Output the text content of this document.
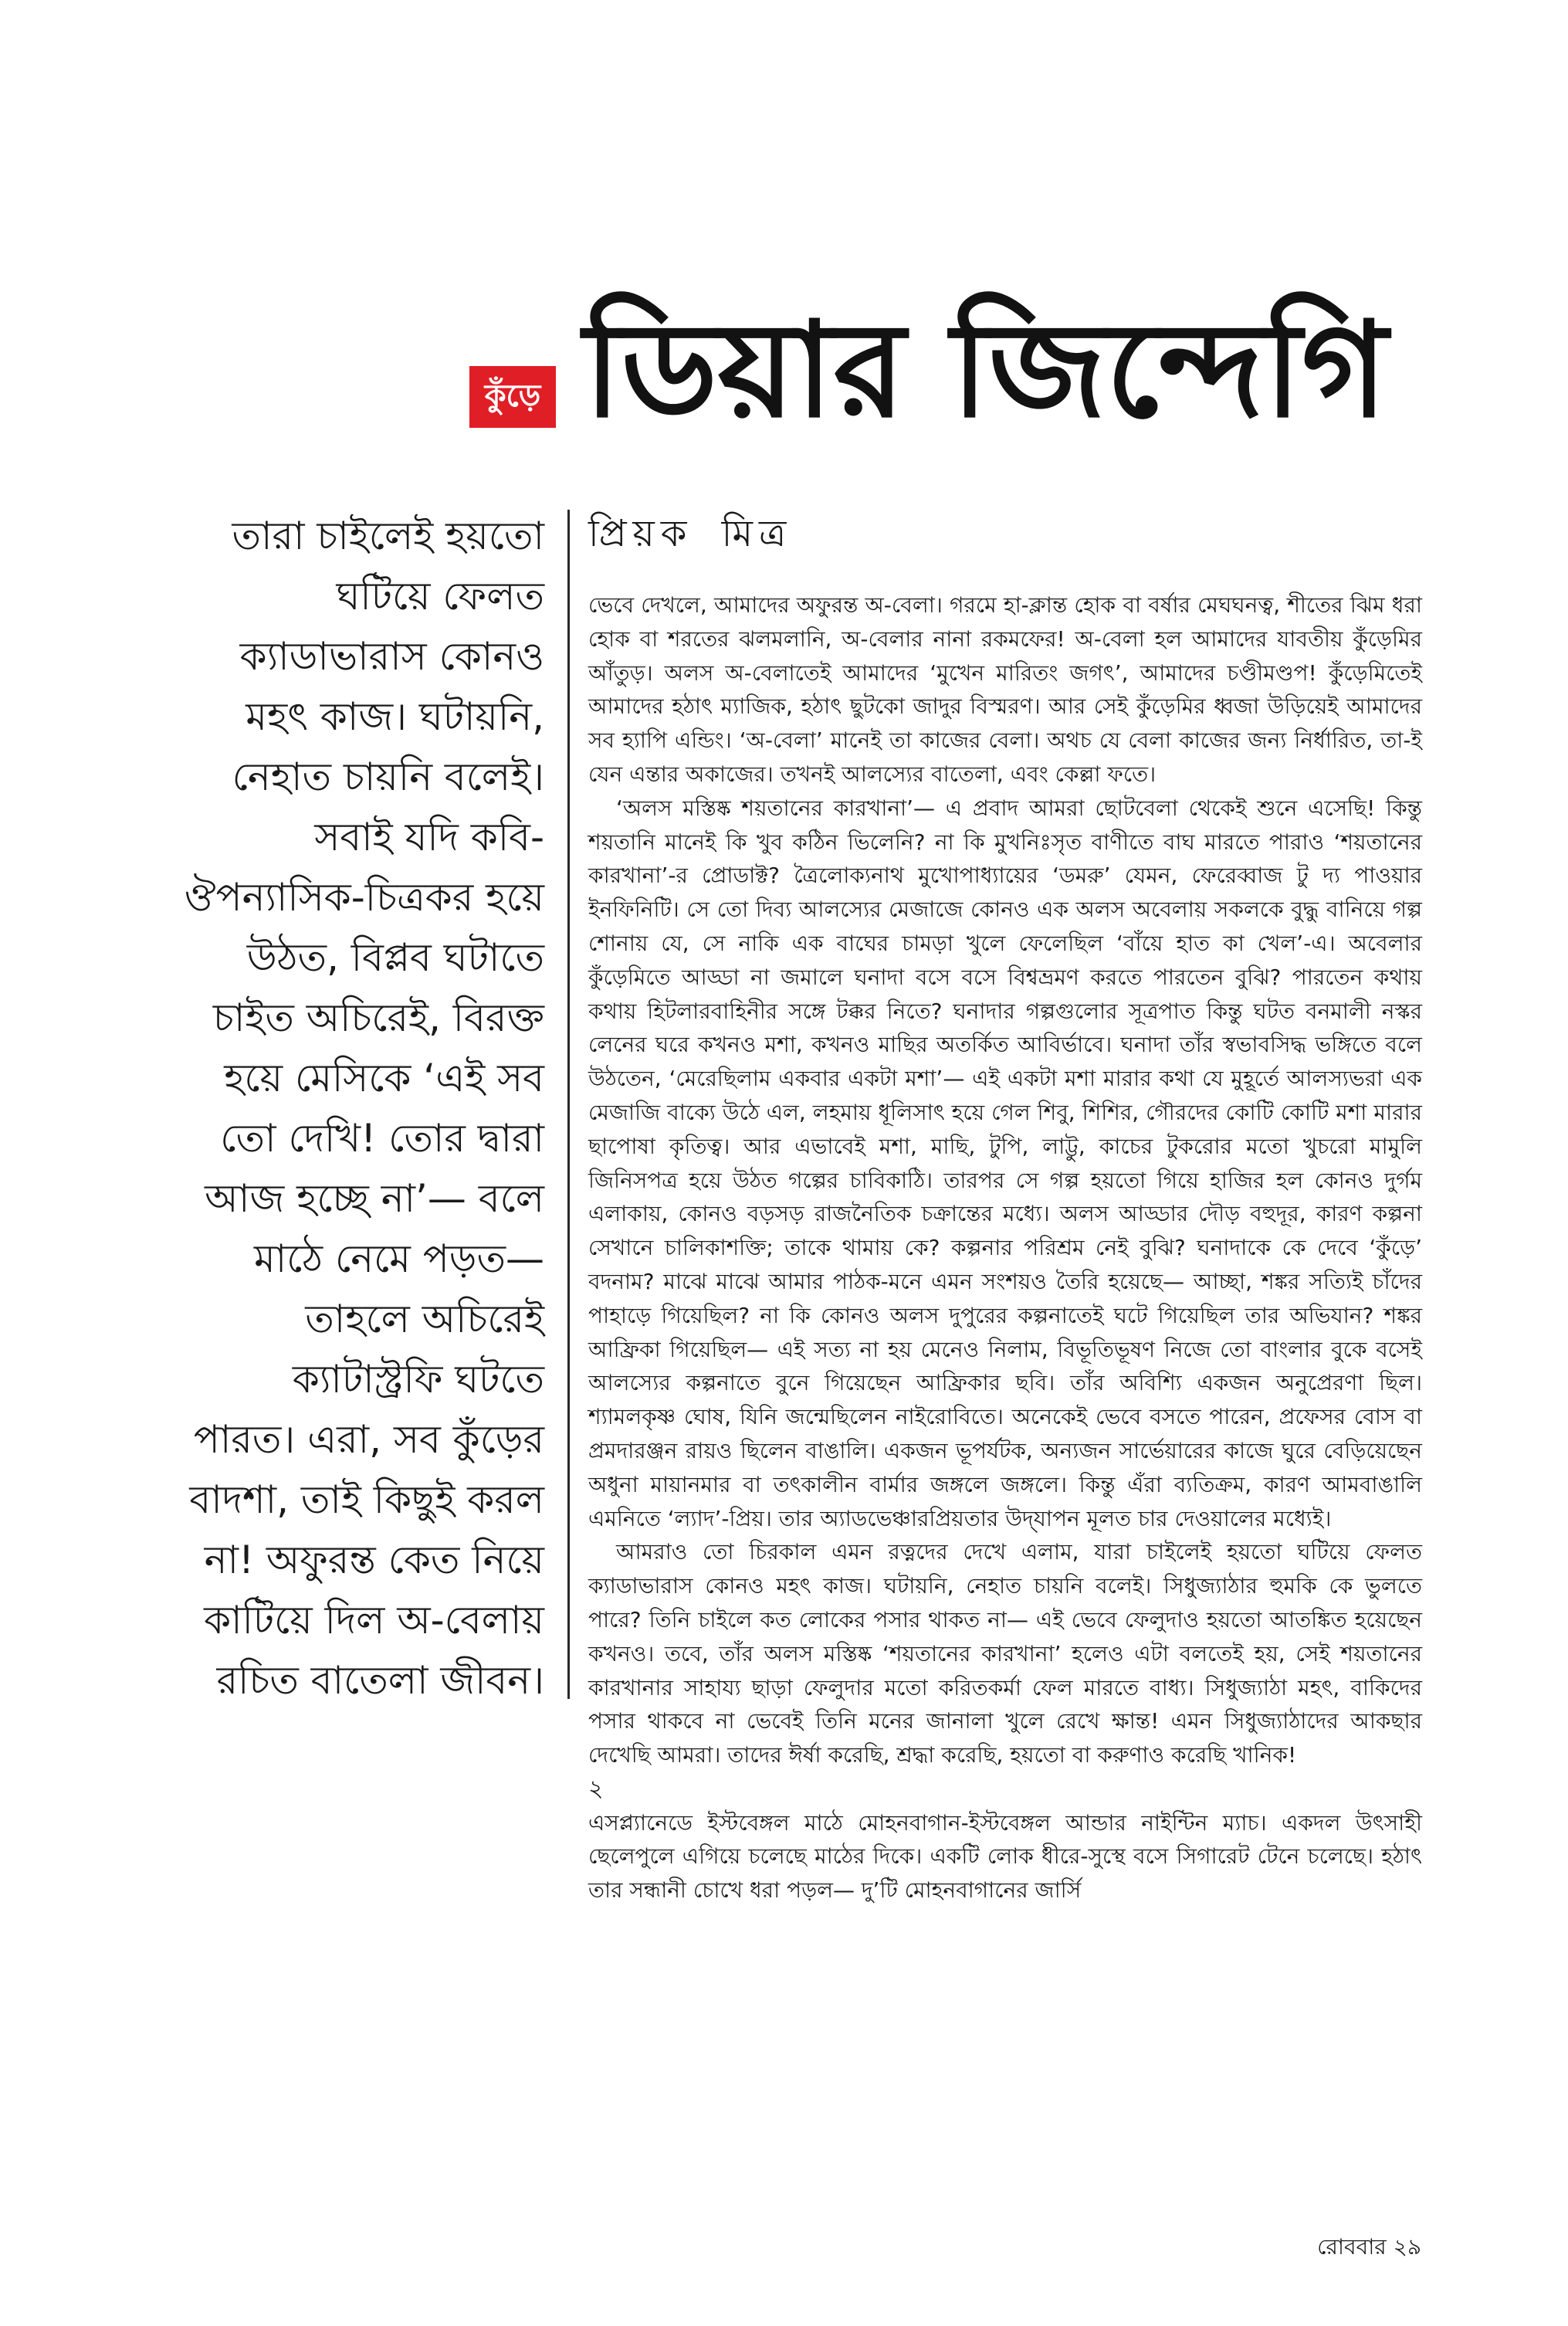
কুঁড়ে ডিয়ার জিন্দেগি
তারা চাইলেই হয়তো
ঘটিয়ে ফেলত
ক্যাডাভারাস কোনও
মহৎ কাজ। ঘটায়নি,
নেহাত চায়নি বলেই।
সবাই যদি কবি-
ঔপন্যাসিক-চিত্রকর হয়ে
উঠত, বিপ্লব ঘটাতে
চাইত অচিরেই, বিরক্ত
হয়ে মেসিকে ‘এই সব
তো দেখি! তোর দ্বারা
আজ হচ্ছে না’— বলে
মাঠে নেমে পড়ত—
তাহলে অচিরেই
ক্যাটাস্ট্রফি ঘটতে
পারত। এরা, সব কুঁড়ের
বাদশা, তাই কিছুই করল
না! অফুরন্ত কেত নিয়ে
কাটিয়ে দিল অ-বেলায়
রচিত বাতেলা জীবন।
প্রিয়ক মিত্র

ভেবে দেখলে, আমাদের অফুরন্ত অ-বেলা। গরমে হা-ক্লান্ত হোক বা বর্ষার মেঘঘনত্ব, শীতের ঝিম ধরা হোক বা শরতের ঝলমলানি, অ-বেলার নানা রকমফের! অ-বেলা হল আমাদের যাবতীয় কুঁড়েমির আঁতুড়। অলস অ-বেলাতেই আমাদের ‘মুখেন মারিতং জগৎ’, আমাদের চণ্ডীমণ্ডপ! কুঁড়েমিতেই আমাদের হঠাৎ ম্যাজিক, হঠাৎ ছুটকো জাদুর বিস্মরণ। আর সেই কুঁড়েমির ধ্বজা উড়িয়েই আমাদের সব হ্যাপি এন্ডিং। ‘অ-বেলা’ মানেই তা কাজের বেলা। অথচ যে বেলা কাজের জন্য নির্ধারিত, তা-ই যেন এন্তার অকাজের। তখনই আলস্যের বাতেলা, এবং কেল্লা ফতে।

‘অলস মস্তিষ্ক শয়তানের কারখানা’— এ প্রবাদ আমরা ছোটবেলা থেকেই শুনে এসেছি! কিন্তু শয়তানি মানেই কি খুব কঠিন ভিলেনি? না কি মুখনিঃসৃত বাণীতে বাঘ মারতে পারাও ‘শয়তানের কারখানা’-র প্রোডাক্ট? ত্রৈলোক্যনাথ মুখোপাধ্যায়ের ‘ডমরু’ যেমন, ফেরেব্বাজ টু দ্য পাওয়ার ইনফিনিটি। সে তো দিব্য আলস্যের মেজাজে কোনও এক অলস অবেলায় সকলকে বুদ্ধু বানিয়ে গল্প শোনায় যে, সে নাকি এক বাঘের চামড়া খুলে ফেলেছিল ‘বাঁয়ে হাত কা খেল’-এ। অবেলার কুঁড়েমিতে আড্ডা না জমালে ঘনাদা বসে বসে বিশ্বভ্রমণ করতে পারতেন বুঝি? পারতেন কথায় কথায় হিটলারবাহিনীর সঙ্গে টক্কর নিতে? ঘনাদার গল্পগুলোর সূত্রপাত কিন্তু ঘটত বনমালী নস্কর লেনের ঘরে কখনও মশা, কখনও মাছির অতর্কিত আবির্ভাবে। ঘনাদা তাঁর স্বভাবসিদ্ধ ভঙ্গিতে বলে উঠতেন, ‘মেরেছিলাম একবার একটা মশা’— এই একটা মশা মারার কথা যে মুহূর্তে আলস্যভরা এক মেজাজি বাক্যে উঠে এল, লহমায় ধূলিসাৎ হয়ে গেল শিবু, শিশির, গৌরদের কোটি কোটি মশা মারার ছাপোষা কৃতিত্ব। আর এভাবেই মশা, মাছি, টুপি, লাট্টু, কাচের টুকরোর মতো খুচরো মামুলি জিনিসপত্র হয়ে উঠত গল্পের চাবিকাঠি। তারপর সে গল্প হয়তো গিয়ে হাজির হল কোনও দুর্গম এলাকায়, কোনও বড়সড় রাজনৈতিক চক্রান্তের মধ্যে। অলস আড্ডার দৌড় বহুদূর, কারণ কল্পনা সেখানে চালিকাশক্তি; তাকে থামায় কে? কল্পনার পরিশ্রম নেই বুঝি? ঘনাদাকে কে দেবে ‘কুঁড়ে’ বদনাম? মাঝে মাঝে আমার পাঠক-মনে এমন সংশয়ও তৈরি হয়েছে— আচ্ছা, শঙ্কর সত্যিই চাঁদের পাহাড়ে গিয়েছিল? না কি কোনও অলস দুপুরের কল্পনাতেই ঘটে গিয়েছিল তার অভিযান? শঙ্কর আফ্রিকা গিয়েছিল— এই সত্য না হয় মেনেও নিলাম, বিভূতিভূষণ নিজে তো বাংলার বুকে বসেই আলস্যের কল্পনাতে বুনে গিয়েছেন আফ্রিকার ছবি। তাঁর অবিশ্যি একজন অনুপ্রেরণা ছিল। শ্যামলকৃষ্ণ ঘোষ, যিনি জন্মেছিলেন নাইরোবিতে। অনেকেই ভেবে বসতে পারেন, প্রফেসর বোস বা প্রমদারঞ্জন রায়ও ছিলেন বাঙালি। একজন ভূপর্যটক, অন্যজন সার্ভেয়ারের কাজে ঘুরে বেড়িয়েছেন অধুনা মায়ানমার বা তৎকালীন বার্মার জঙ্গলে জঙ্গলে। কিন্তু এঁরা ব্যতিক্রম, কারণ আমবাঙালি এমনিতে ‘ল্যাদ’-প্রিয়। তার অ্যাডভেঞ্চারপ্রিয়তার উদ্‌যাপন মূলত চার দেওয়ালের মধ্যেই।

আমরাও তো চিরকাল এমন রত্নদের দেখে এলাম, যারা চাইলেই হয়তো ঘটিয়ে ফেলত ক্যাডাভারাস কোনও মহৎ কাজ। ঘটায়নি, নেহাত চায়নি বলেই। সিধুজ্যাঠার হুমকি কে ভুলতে পারে? তিনি চাইলে কত লোকের পসার থাকত না— এই ভেবে ফেলুদাও হয়তো আতঙ্কিত হয়েছেন কখনও। তবে, তাঁর অলস মস্তিষ্ক ‘শয়তানের কারখানা’ হলেও এটা বলতেই হয়, সেই শয়তানের কারখানার সাহায্য ছাড়া ফেলুদার মতো করিতকর্মা ফেল মারতে বাধ্য। সিধুজ্যাঠা মহৎ, বাকিদের পসার থাকবে না ভেবেই তিনি মনের জানালা খুলে রেখে ক্ষান্ত! এমন সিধুজ্যাঠাদের আকছার দেখেছি আমরা। তাদের ঈর্ষা করেছি, শ্রদ্ধা করেছি, হয়তো বা করুণাও করেছি খানিক!

২

এসপ্ল্যানেডে ইস্টবেঙ্গল মাঠে মোহনবাগান-ইস্টবেঙ্গল আন্ডার নাইন্টিন ম্যাচ। একদল উৎসাহী ছেলেপুলে এগিয়ে চলেছে মাঠের দিকে। একটি লোক ধীরে-সুস্থে বসে সিগারেট টেনে চলেছে। হঠাৎ তার সন্ধানী চোখে ধরা পড়ল— দু’টি মোহনবাগানের জার্সি

রোববার ২৯
